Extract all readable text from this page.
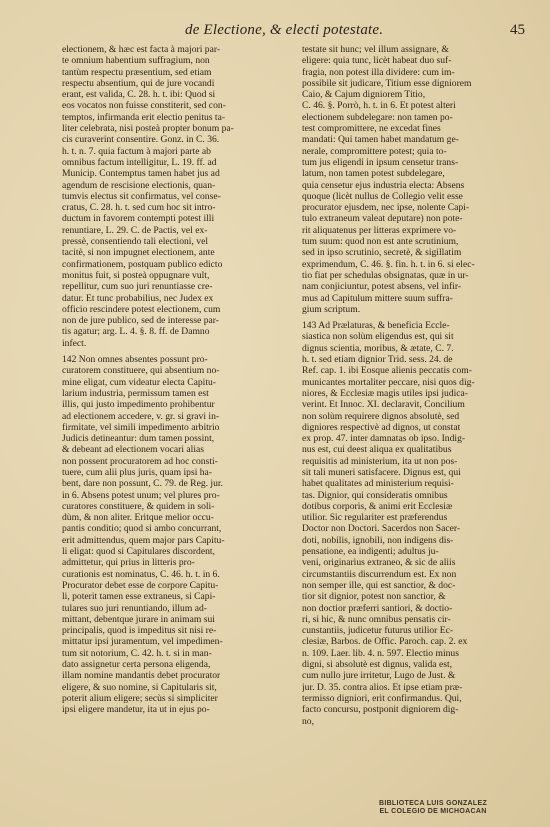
de Electione, & electi potestate.	45
electionem, & hæc est facta à majori par-
te omnium habentium suffragium, non
tantùm respectu præsentium, sed etiam
respectu absentium, qui de jure vocandi
erant, est valida, C. 28. h. t. ibi: Quod si
eos vocatos non fuisse constiterit, sed con-
temptos, infirmanda erit electio penitus ta-
liter celebrata, nisi posteà propter bonum pa-
cis curaverint consentire. Gonz. in C. 36.
h. t. n. 7. quia factum à majori parte ab
omnibus factum intelligitur, L. 19. ff. ad
Municip. Contemptus tamen habet jus ad
agendum de rescisione electionis, quan-
tumvis electus sit confirmatus, vel conse-
cratus, C. 28. h. t. sed cum hoc sit intro-
ductum in favorem contempti potest illi
renuntiare, L. 29. C. de Pactis, vel ex-
pressè, consentiendo tali electioni, vel
tacitè, si non impugnet electionem, ante
confirmationem, postquam publico edicto
monitus fuit, si posteà oppugnare vult,
repellitur, cum suo juri renuntiasse cre-
datur. Et tunc probabilius, nec Judex ex
officio rescindere potest electionem, cum
non de jure publico, sed de interesse par-
tis agatur; arg. L. 4. §. 8. ff. de Damno
infect.
142 Non omnes absentes possunt pro-
curatorem constituere, qui absentium no-
mine eligat, cum videatur electa Capitu-
larium industria, permissum tamen est
illis, qui justo impedimento prohibentur
ad electionem accedere, v. gr. si gravi in-
firmitate, vel simili impedimento arbitrio
Judicis detineantur: dum tamen possint,
& debeant ad electionem vocari alias
non possent procuratorem ad hoc consti-
tuere, cum alii plus juris, quam ipsi ha-
bent, dare non possunt, C. 79. de Reg. jur.
in 6. Absens potest unum; vel plures pro-
curatores constituere, & quidem in soli-
dùm, & non aliter. Eritque melior occu-
pantis conditio; quod si ambo concurrant,
erit admittendus, quem major pars Capitu-
li eligat: quod si Capitulares discordent,
admittetur, qui prius in litteris pro-
curationis est nominatus, C. 46. h. t. in 6.
Procurator debet esse de corpore Capitu-
li, poterit tamen esse extraneus, si Capi-
tulares suo juri renuntiando, illum ad-
mittant, debentque jurare in animam sui
principalis, quod is impeditus sit nisi re-
mittatur ipsi juramentum, vel impedimen-
tum sit notorium, C. 42. h. t. si in man-
dato assignetur certa persona eligenda,
illam nomine mandantis debet procurator
eligere, & suo nomine, si Capitularis sit,
poterit alium eligere; secùs si simpliciter
ipsi eligere mandetur, ita ut in ejus po-
testate sit hunc; vel illum assignare, &
eligere: quia tunc, licèt habeat duo suf-
fragia, non potest illa dividere: cum im-
possibile sit judicare, Titium esse digniorem
Caio, & Cajum digniorem Titio,
C. 46. §. Porrò, h. t. in 6. Et potest alteri
electionem subdelegare: non tamen po-
test compromittere, ne excedat fines
mandati: Qui tamen habet mandatum ge-
nerale, compromittere potest; quia to-
tum jus eligendi in ipsum censetur trans-
latum, non tamen potest subdelegare,
quia censetur ejus industria electa: Absens
quoque (licèt nullus de Collegio velit esse
procurator ejusdem, nec ipse, nolente Capi-
tulo extraneum valeat deputare) non pote-
rit aliquatenus per litteras exprimere vo-
tum suum: quod non est ante scrutinium,
sed in ipso scrutinio, secretè, & sigillatim
exprimendum, C. 46. §. fin. h. t. in 6. si elec-
tio fiat per schedulas obsignatas, quæ in ur-
nam conjiciuntur, potest absens, vel infir-
mus ad Capitulum mittere suum suffra-
gium scriptum.
143 Ad Prælaturas, & beneficia Eccle-
siastica non solùm eligendus est, qui sit
dignus scientia, moribus, & ætate, C. 7.
h. t. sed etiam dignior Trid. sess. 24. de
Ref. cap. 1. ibi Eosque alienis peccatis com-
municantes mortaliter peccare, nisi quos dig-
niores, & Ecclesiæ magis utiles ipsi judica-
verint. Et Innoc. XI. declaravit, Concilium
non solùm requirere dignos absolutè, sed
digniores respectivè ad dignos, ut constat
ex prop. 47. inter damnatas ob ipso. Indig-
nus est, cui deest aliqua ex qualitatibus
requisitis ad ministerium, ita ut non pos-
sit tali muneri satisfacere. Dignus est, qui
habet qualitates ad ministerium requisi-
tas. Dignior, qui consideratis omnibus
dotibus corporis, & animi erit Ecclesiæ
utilior. Sic regulariter est præferendus
Doctor non Doctori. Sacerdos non Sacer-
doti, nobilis, ignobili, non indigens dis-
pensatione, ea indigenti; adultus ju-
veni, originarius extraneo, & sic de aliis
circumstantiis discurrendum est. Ex non
non semper ille, qui est sanctior, & doc-
tior sit dignior, potest non sanctior, &
non doctior præferri santiori, & doctio-
ri, si hic, & nunc omnibus pensatis cir-
cunstantiis, judicetur futurus utilior Ec-
clesiæ, Barbos. de Offic. Paroch. cap. 2. ex
n. 109. Laer. lib. 4. n. 597. Electio minus
digni, si absolutè est dignus, valida est,
cum nullo jure irritetur, Lugo de Just. &
jur. D. 35. contra alios. Et ipse etiam præ-
termisso digniori, erit confirmandus. Qui,
facto concursu, postponit digniorem dig-
no,
BIBLIOTECA LUIS GONZALEZ
EL COLEGIO DE MICHOACAN
